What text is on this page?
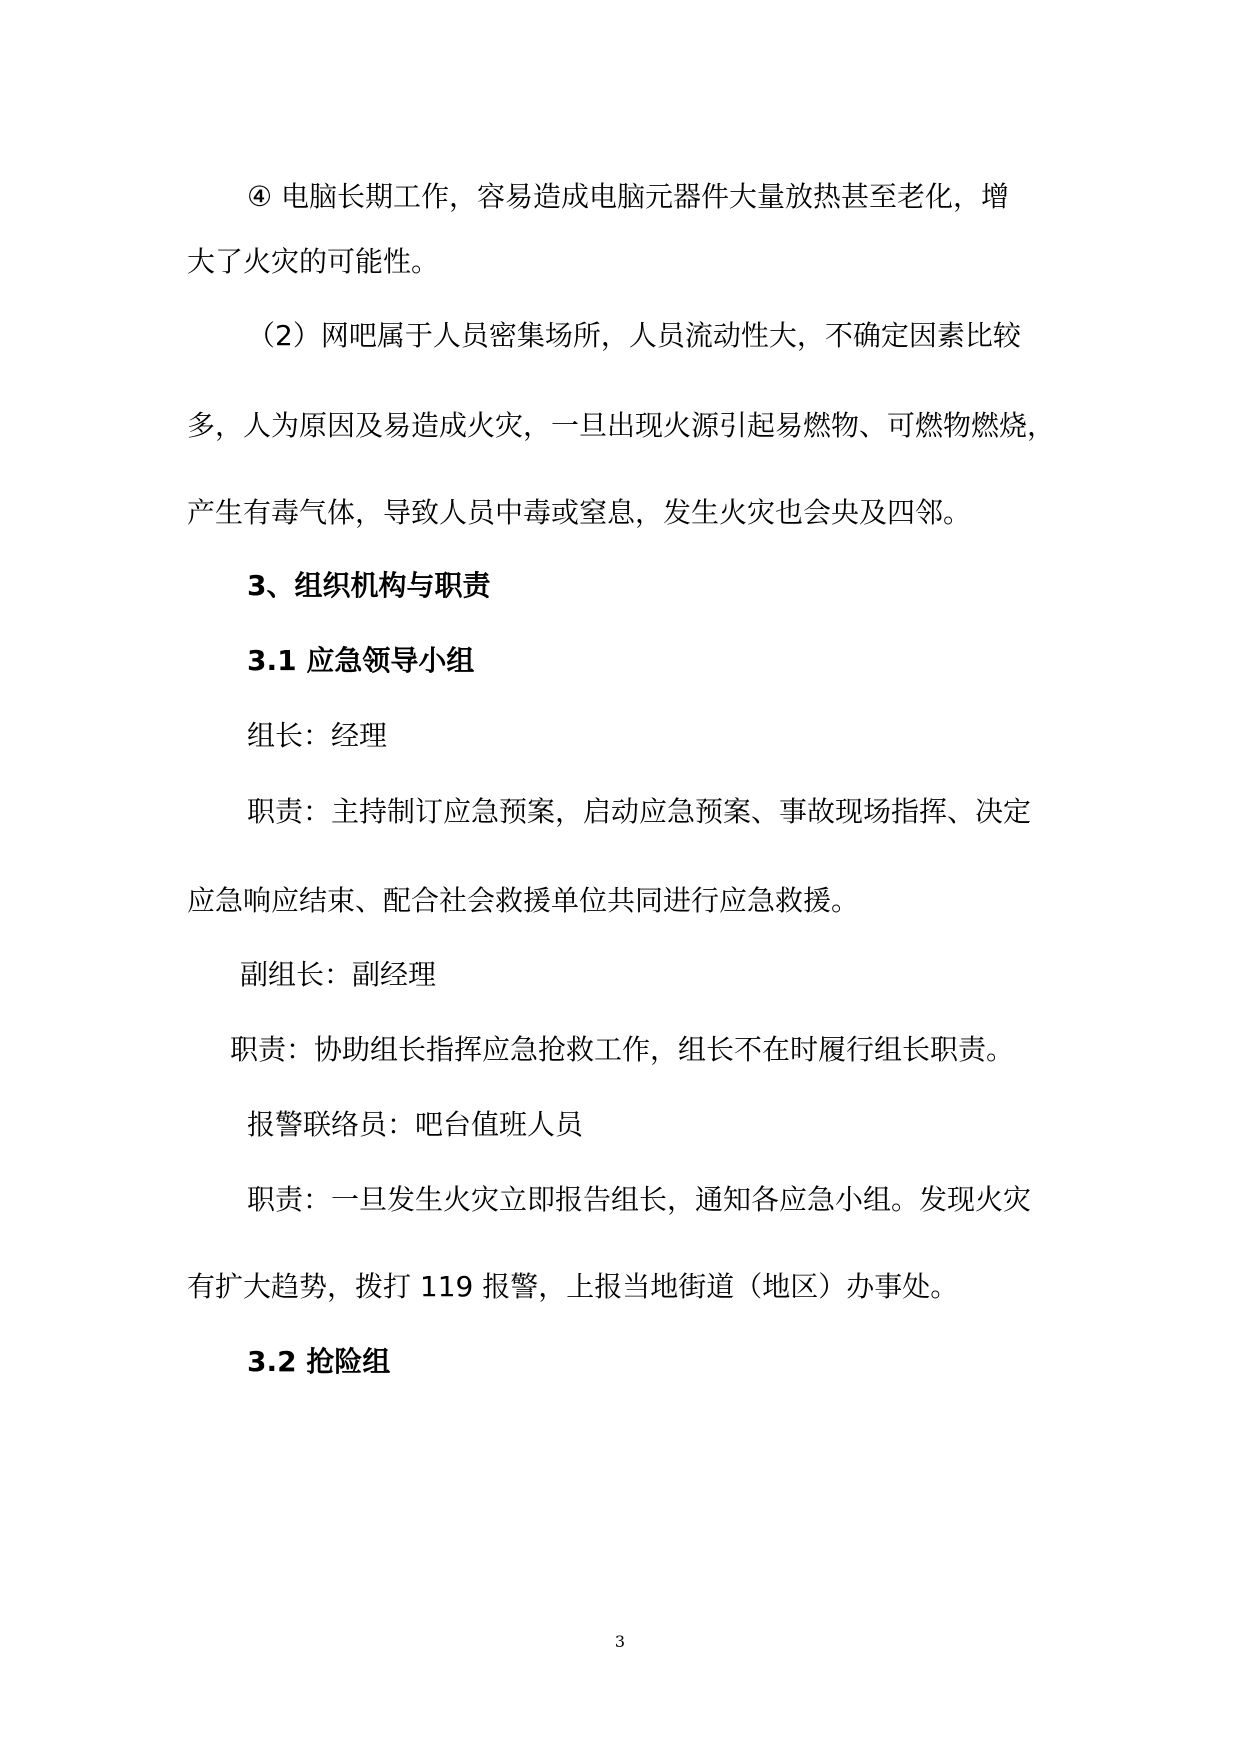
④ 电脑长期工作，容易造成电脑元器件大量放热甚至老化，增
大了火灾的可能性。
（2）网吧属于人员密集场所，人员流动性大，不确定因素比较
多，人为原因及易造成火灾，一旦出现火源引起易燃物、可燃物燃烧，
产生有毒气体，导致人员中毒或窒息，发生火灾也会央及四邻。
3、组织机构与职责
3.1 应急领导小组
组长：经理
职责：主持制订应急预案，启动应急预案、事故现场指挥、决定
应急响应结束、配合社会救援单位共同进行应急救援。
副组长：副经理
职责：协助组长指挥应急抢救工作，组长不在时履行组长职责。
报警联络员：吧台值班人员
职责：一旦发生火灾立即报告组长，通知各应急小组。发现火灾
有扩大趋势，拨打 119 报警，上报当地街道（地区）办事处。
3.2 抢险组
3
